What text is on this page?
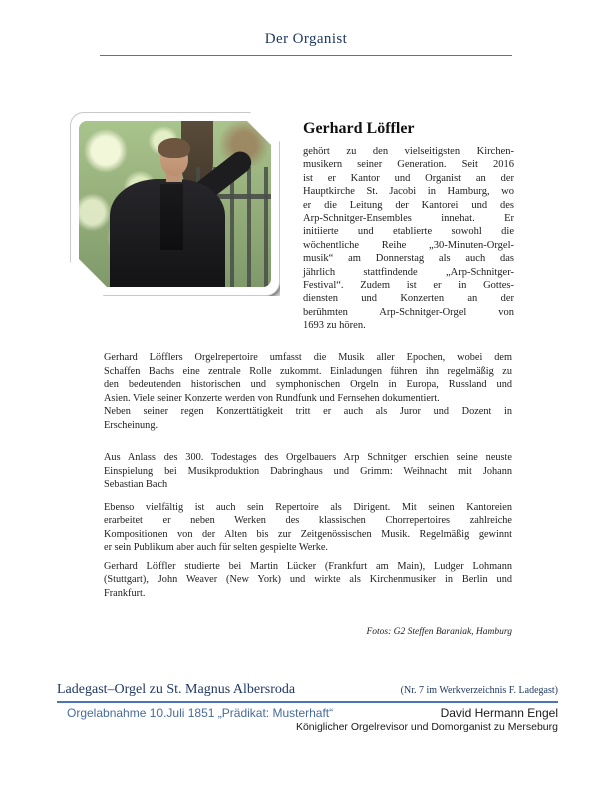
Der Organist
Gerhard Löffler
gehört zu den vielseitigsten Kirchen-
musikern seiner Generation. Seit 2016
ist er Kantor und Organist an der
Hauptkirche St. Jacobi in Hamburg, wo
er die Leitung der Kantorei und des
Arp-Schnitger-Ensembles innehat. Er
initiierte und etablierte sowohl die
wöchentliche Reihe „30-Minuten-Orgel-
musik“ am Donnerstag als auch das
jährlich stattfindende „Arp-Schnitger-
Festival“. Zudem ist er in Gottes-
diensten und Konzerten an der
berühmten Arp-Schnitger-Orgel von
1693 zu hören.
Gerhard Löfflers Orgelrepertoire umfasst die Musik aller Epochen, wobei dem
Schaffen Bachs eine zentrale Rolle zukommt. Einladungen führen ihn regelmäßig zu
den bedeutenden historischen und symphonischen Orgeln in Europa, Russland und
Asien. Viele seiner Konzerte werden von Rundfunk und Fernsehen dokumentiert.
Neben seiner regen Konzerttätigkeit tritt er auch als Juror und Dozent in
Erscheinung.
Aus Anlass des 300. Todestages des Orgelbauers Arp Schnitger erschien seine neuste
Einspielung bei Musikproduktion Dabringhaus und Grimm: Weihnacht mit Johann
Sebastian Bach
Ebenso vielfältig ist auch sein Repertoire als Dirigent. Mit seinen Kantoreien
erarbeitet er neben Werken des klassischen Chorrepertoires zahlreiche
Kompositionen von der Alten bis zur Zeitgenössischen Musik. Regelmäßig gewinnt
er sein Publikum aber auch für selten gespielte Werke.
Gerhard Löffler studierte bei Martin Lücker (Frankfurt am Main), Ludger Lohmann
(Stuttgart), John Weaver (New York) und wirkte als Kirchenmusiker in Berlin und
Frankfurt.
Fotos: G2 Steffen Baraniak, Hamburg
Ladegast–Orgel zu St. Magnus Albersroda	(Nr. 7 im Werkverzeichnis F. Ladegast)
Orgelabnahme 10.Juli 1851 „Prädikat: Musterhaft“	David Hermann Engel
Königlicher Orgelrevisor und Domorganist zu Merseburg
